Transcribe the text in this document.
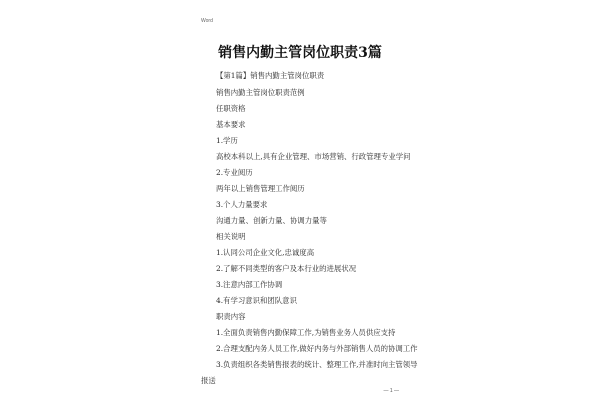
Word
销售内勤主管岗位职责3篇
【第1篇】销售内勤主管岗位职责
销售内勤主管岗位职责范例
任职资格
基本要求
1.学历
高校本科以上,具有企业管理、市场营销、行政管理专业学问
2.专业阅历
两年以上销售管理工作阅历
3.个人力量要求
沟通力量、创新力量、协调力量等
相关说明
1.认同公司企业文化,忠诚度高
2.了解不同类型的客户及本行业的进展状况
3.注意内部工作协调
4.有学习意识和团队意识
职责内容
1.全面负责销售内勤保障工作,为销售业务人员供应支持
2.合理支配内务人员工作,做好内务与外部销售人员的协调工作
3.负责组织各类销售报表的统计、整理工作,并准时向主管领导
报送
— 1 —
